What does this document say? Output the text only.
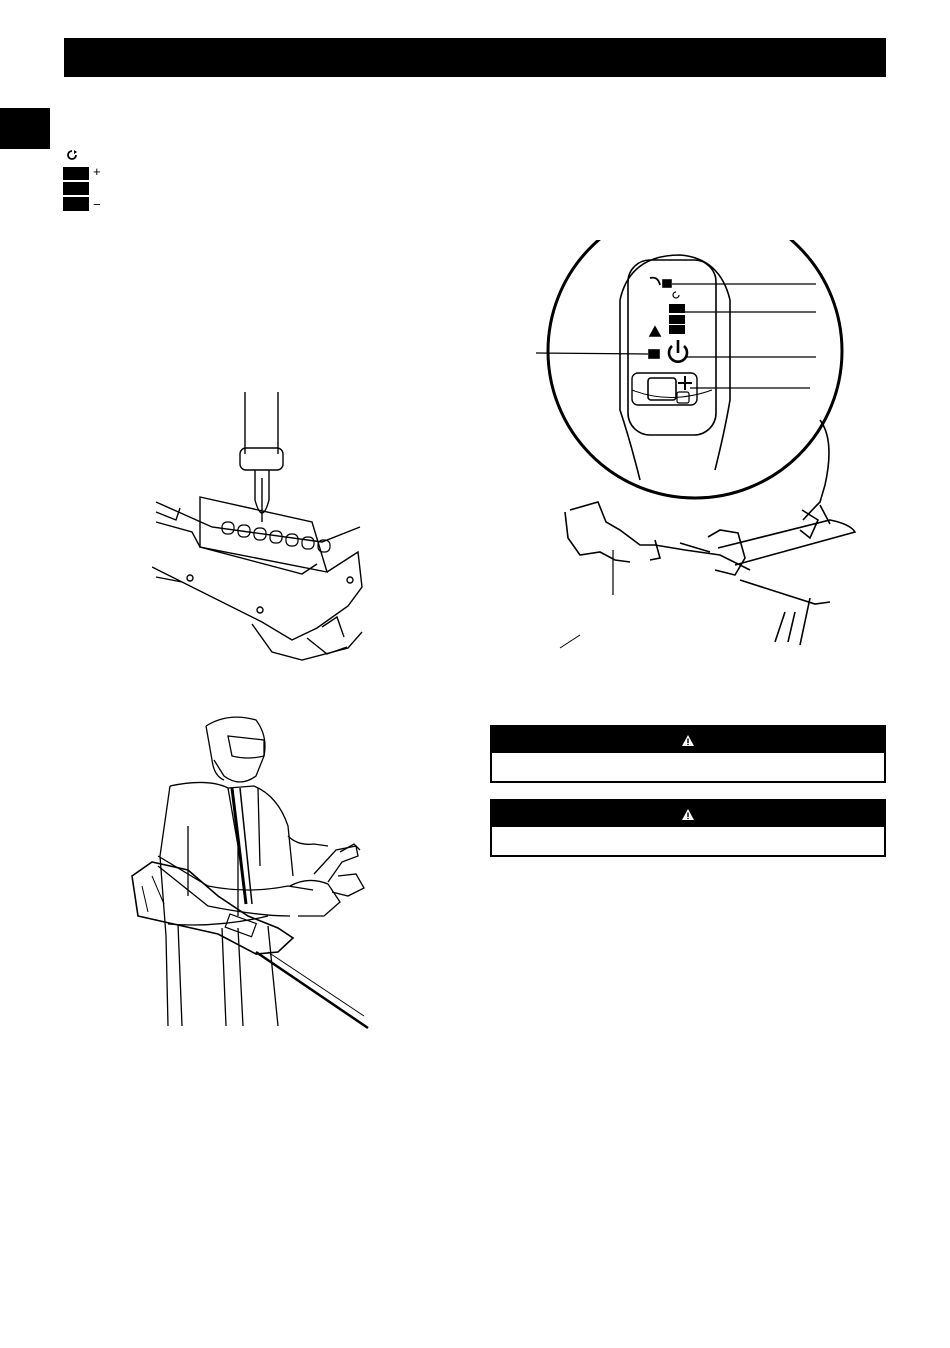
+
−
